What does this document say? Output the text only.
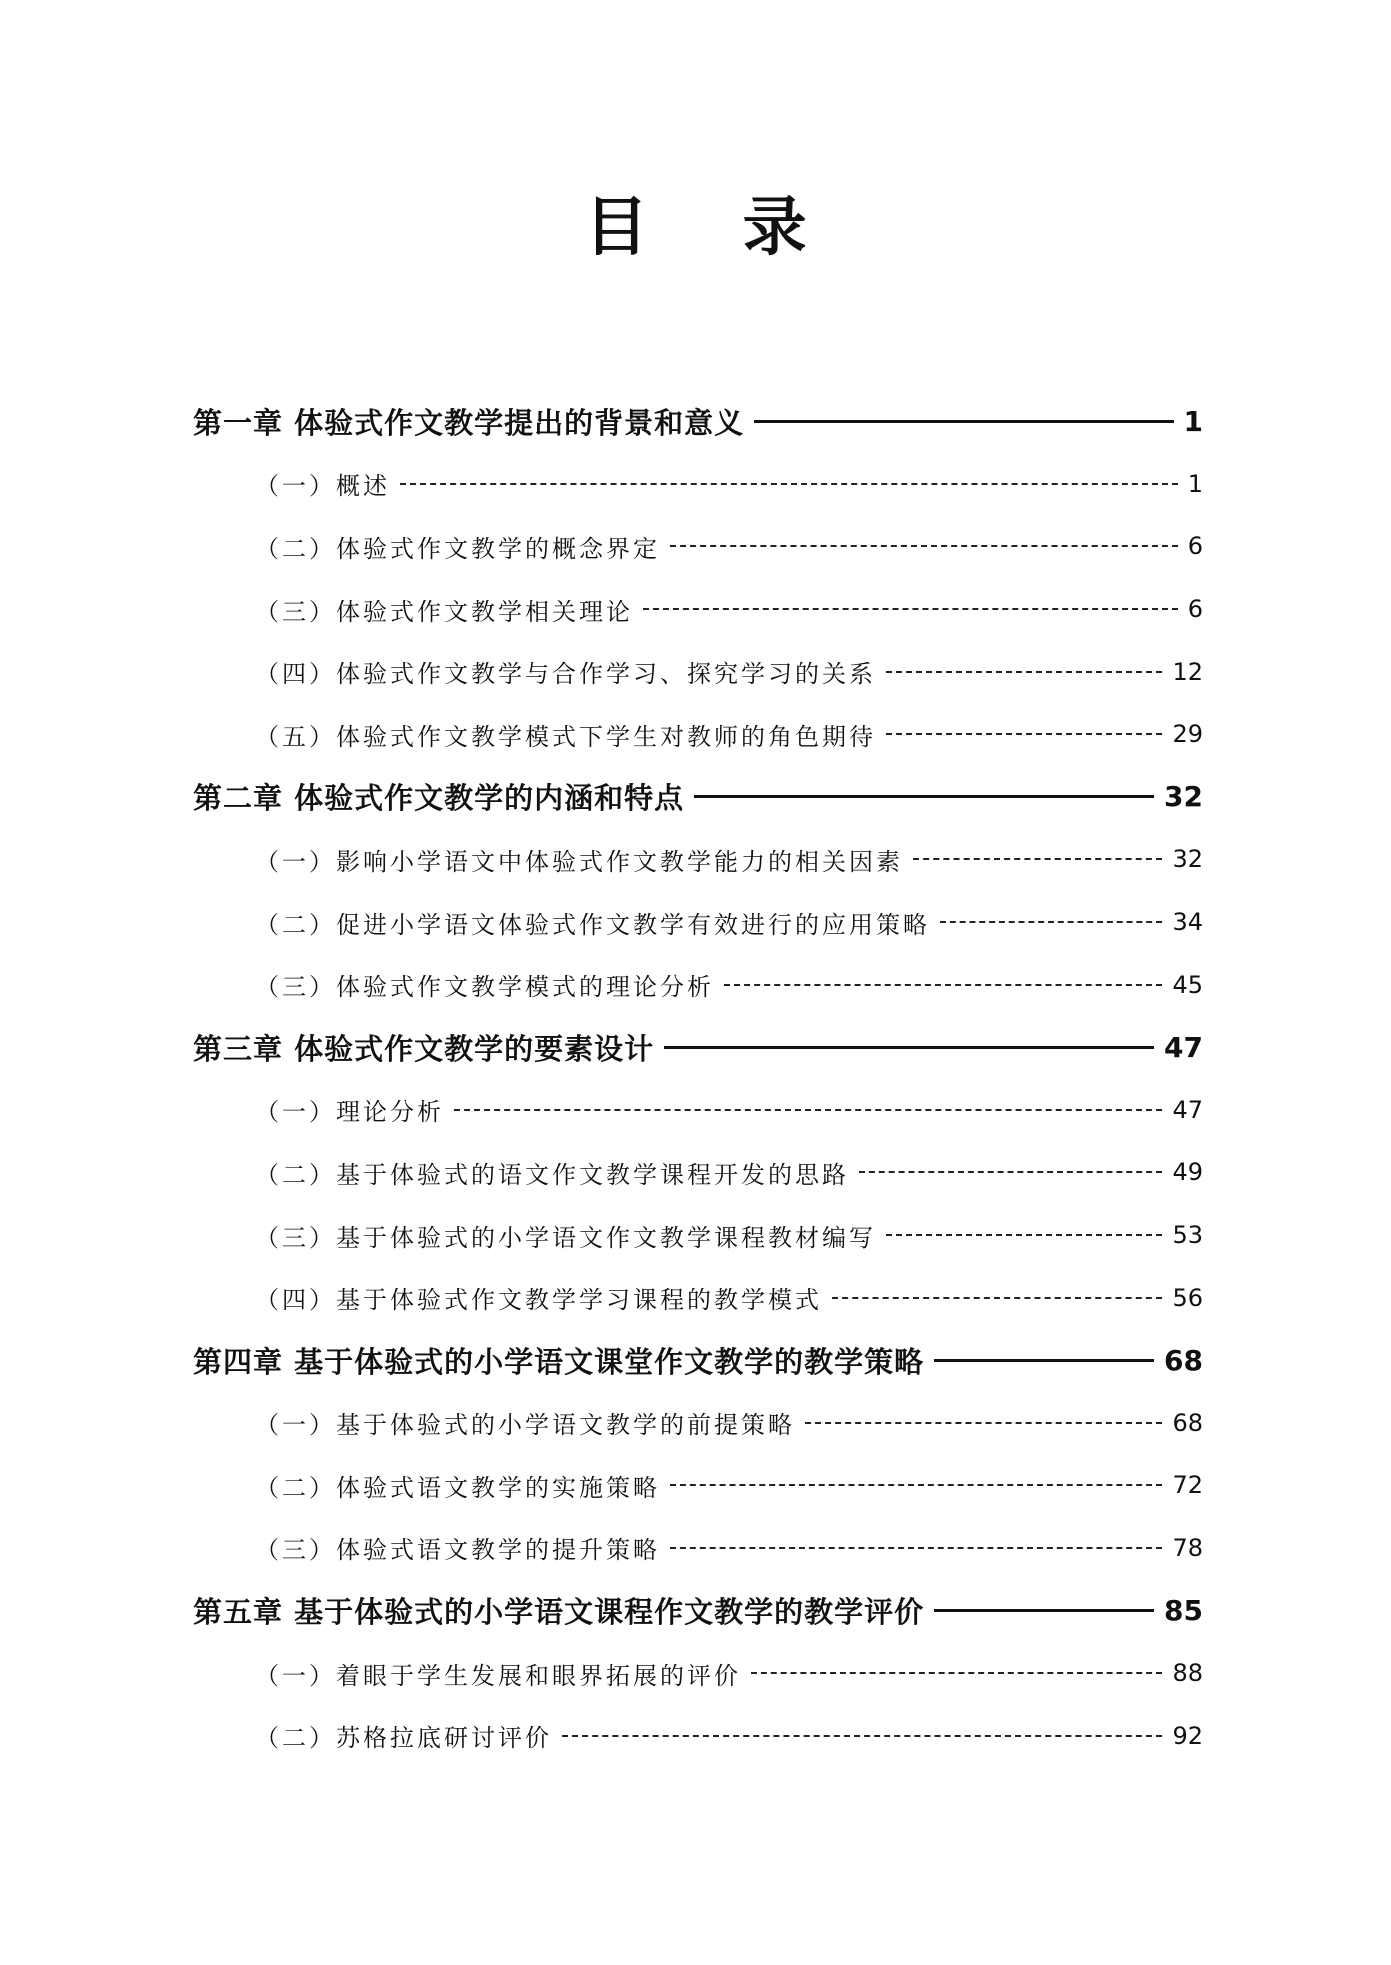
目 录
第一章 体验式作文教学提出的背景和意义	1
（一）概述	1
（二）体验式作文教学的概念界定	6
（三）体验式作文教学相关理论	6
（四）体验式作文教学与合作学习、探究学习的关系	12
（五）体验式作文教学模式下学生对教师的角色期待	29
第二章 体验式作文教学的内涵和特点	32
（一）影响小学语文中体验式作文教学能力的相关因素	32
（二）促进小学语文体验式作文教学有效进行的应用策略	34
（三）体验式作文教学模式的理论分析	45
第三章 体验式作文教学的要素设计	47
（一）理论分析	47
（二）基于体验式的语文作文教学课程开发的思路	49
（三）基于体验式的小学语文作文教学课程教材编写	53
（四）基于体验式作文教学学习课程的教学模式	56
第四章 基于体验式的小学语文课堂作文教学的教学策略	68
（一）基于体验式的小学语文教学的前提策略	68
（二）体验式语文教学的实施策略	72
（三）体验式语文教学的提升策略	78
第五章 基于体验式的小学语文课程作文教学的教学评价	85
（一）着眼于学生发展和眼界拓展的评价	88
（二）苏格拉底研讨评价	92
